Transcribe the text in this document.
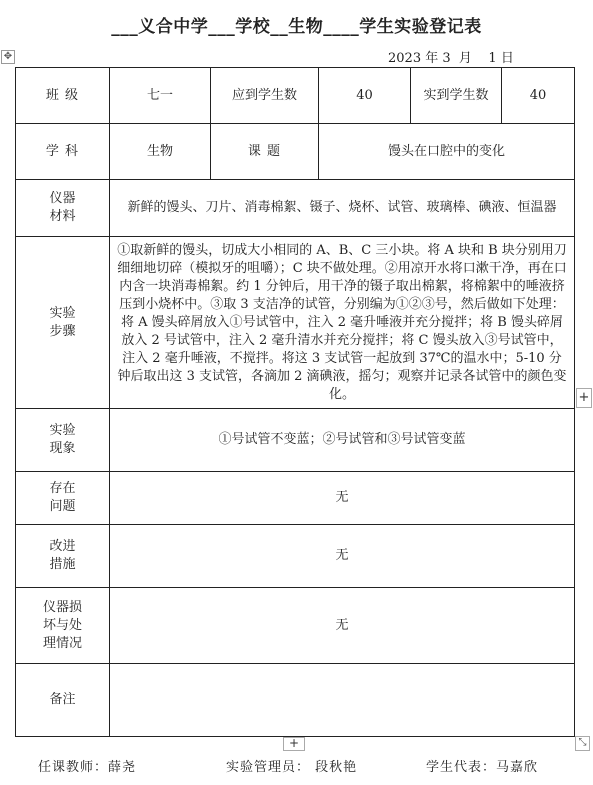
___义合中学___学校__生物____学生实验登记表
2023 年 3  月    1 日
✥
班 级	七一	应到学生数	40	实到学生数	40
学 科	生物	课 题	馒头在口腔中的变化		

仪器
材料	新鲜的馒头、刀片、消毒棉絮、镊子、烧杯、试管、玻璃棒、碘液、恒温器				

实验
步骤	①取新鲜的馒头，切成大小相同的 A、B、C 三小块。将 A 块和 B 块分别用刀细细地切碎（模拟牙的咀嚼）；C 块不做处理。②用凉开水将口漱干净，再在口内含一块消毒棉絮。约 1 分钟后，用干净的镊子取出棉絮，将棉絮中的唾液挤压到小烧杯中。③取 3 支洁净的试管，分别编为①②③号，然后做如下处理：将 A 馒头碎屑放入①号试管中，注入 2 毫升唾液并充分搅拌；将 B 馒头碎屑放入 2 号试管中，注入 2 毫升清水并充分搅拌；将 C 馒头放入③号试管中，注入 2 毫升唾液，不搅拌。将这 3 支试管一起放到 37℃的温水中；5-10 分钟后取出这 3 支试管，各滴加 2 滴碘液，摇匀；观察并记录各试管中的颜色变化。				

实验
现象	①号试管不变蓝；②号试管和③号试管变蓝				

存在
问题	无				

改进
措施	无				

仪器损
坏与处
理情况	无				
备注					
+
+	⤡
任课教师：薛尧	实验管理员： 段秋艳	学生代表：马嘉欣
